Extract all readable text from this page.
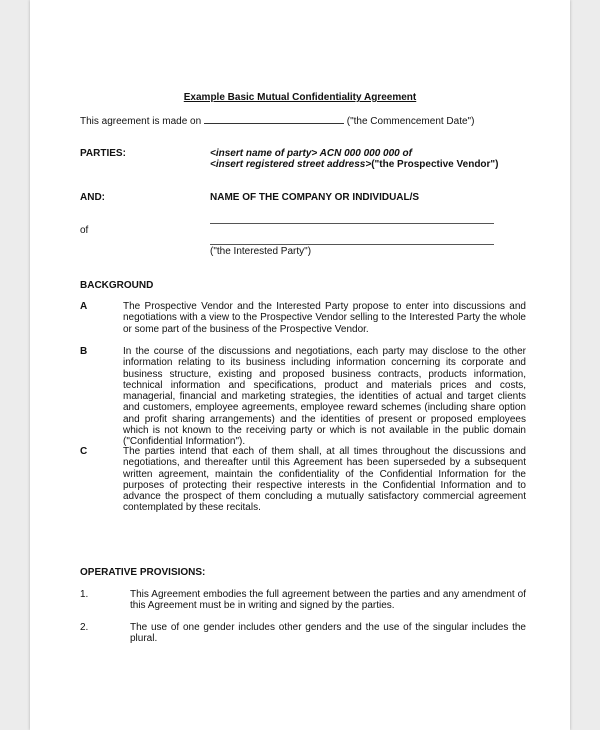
Example Basic Mutual Confidentiality Agreement
This agreement is made on	("the Commencement Date")
PARTIES:	<insert name of party> ACN 000 000 000 of
<insert registered street address>("the Prospective Vendor")
AND:	NAME OF THE COMPANY OR INDIVIDUAL/S
of
("the Interested Party")
BACKGROUND
A	The Prospective Vendor and the Interested Party propose to enter into discussions and negotiations with a view to the Prospective Vendor selling to the Interested Party the whole or some part of the business of the Prospective Vendor.
B	In the course of the discussions and negotiations, each party may disclose to the other information relating to its business including information concerning its corporate and business structure, existing and proposed business contracts, products information, technical information and specifications, product and materials prices and costs, managerial, financial and marketing strategies, the identities of actual and target clients and customers, employee agreements, employee reward schemes (including share option and profit sharing arrangements) and the identities of present or proposed employees which is not known to the receiving party or which is not available in the public domain ("Confidential Information").
C	The parties intend that each of them shall, at all times throughout the discussions and negotiations, and thereafter until this Agreement has been superseded by a subsequent written agreement, maintain the confidentiality of the Confidential Information for the purposes of protecting their respective interests in the Confidential Information and to advance the prospect of them concluding a mutually satisfactory commercial agreement contemplated by these recitals.
OPERATIVE PROVISIONS:
1.	This Agreement embodies the full agreement between the parties and any amendment of this Agreement must be in writing and signed by the parties.
2.	The use of one gender includes other genders and the use of the singular includes the plural.
